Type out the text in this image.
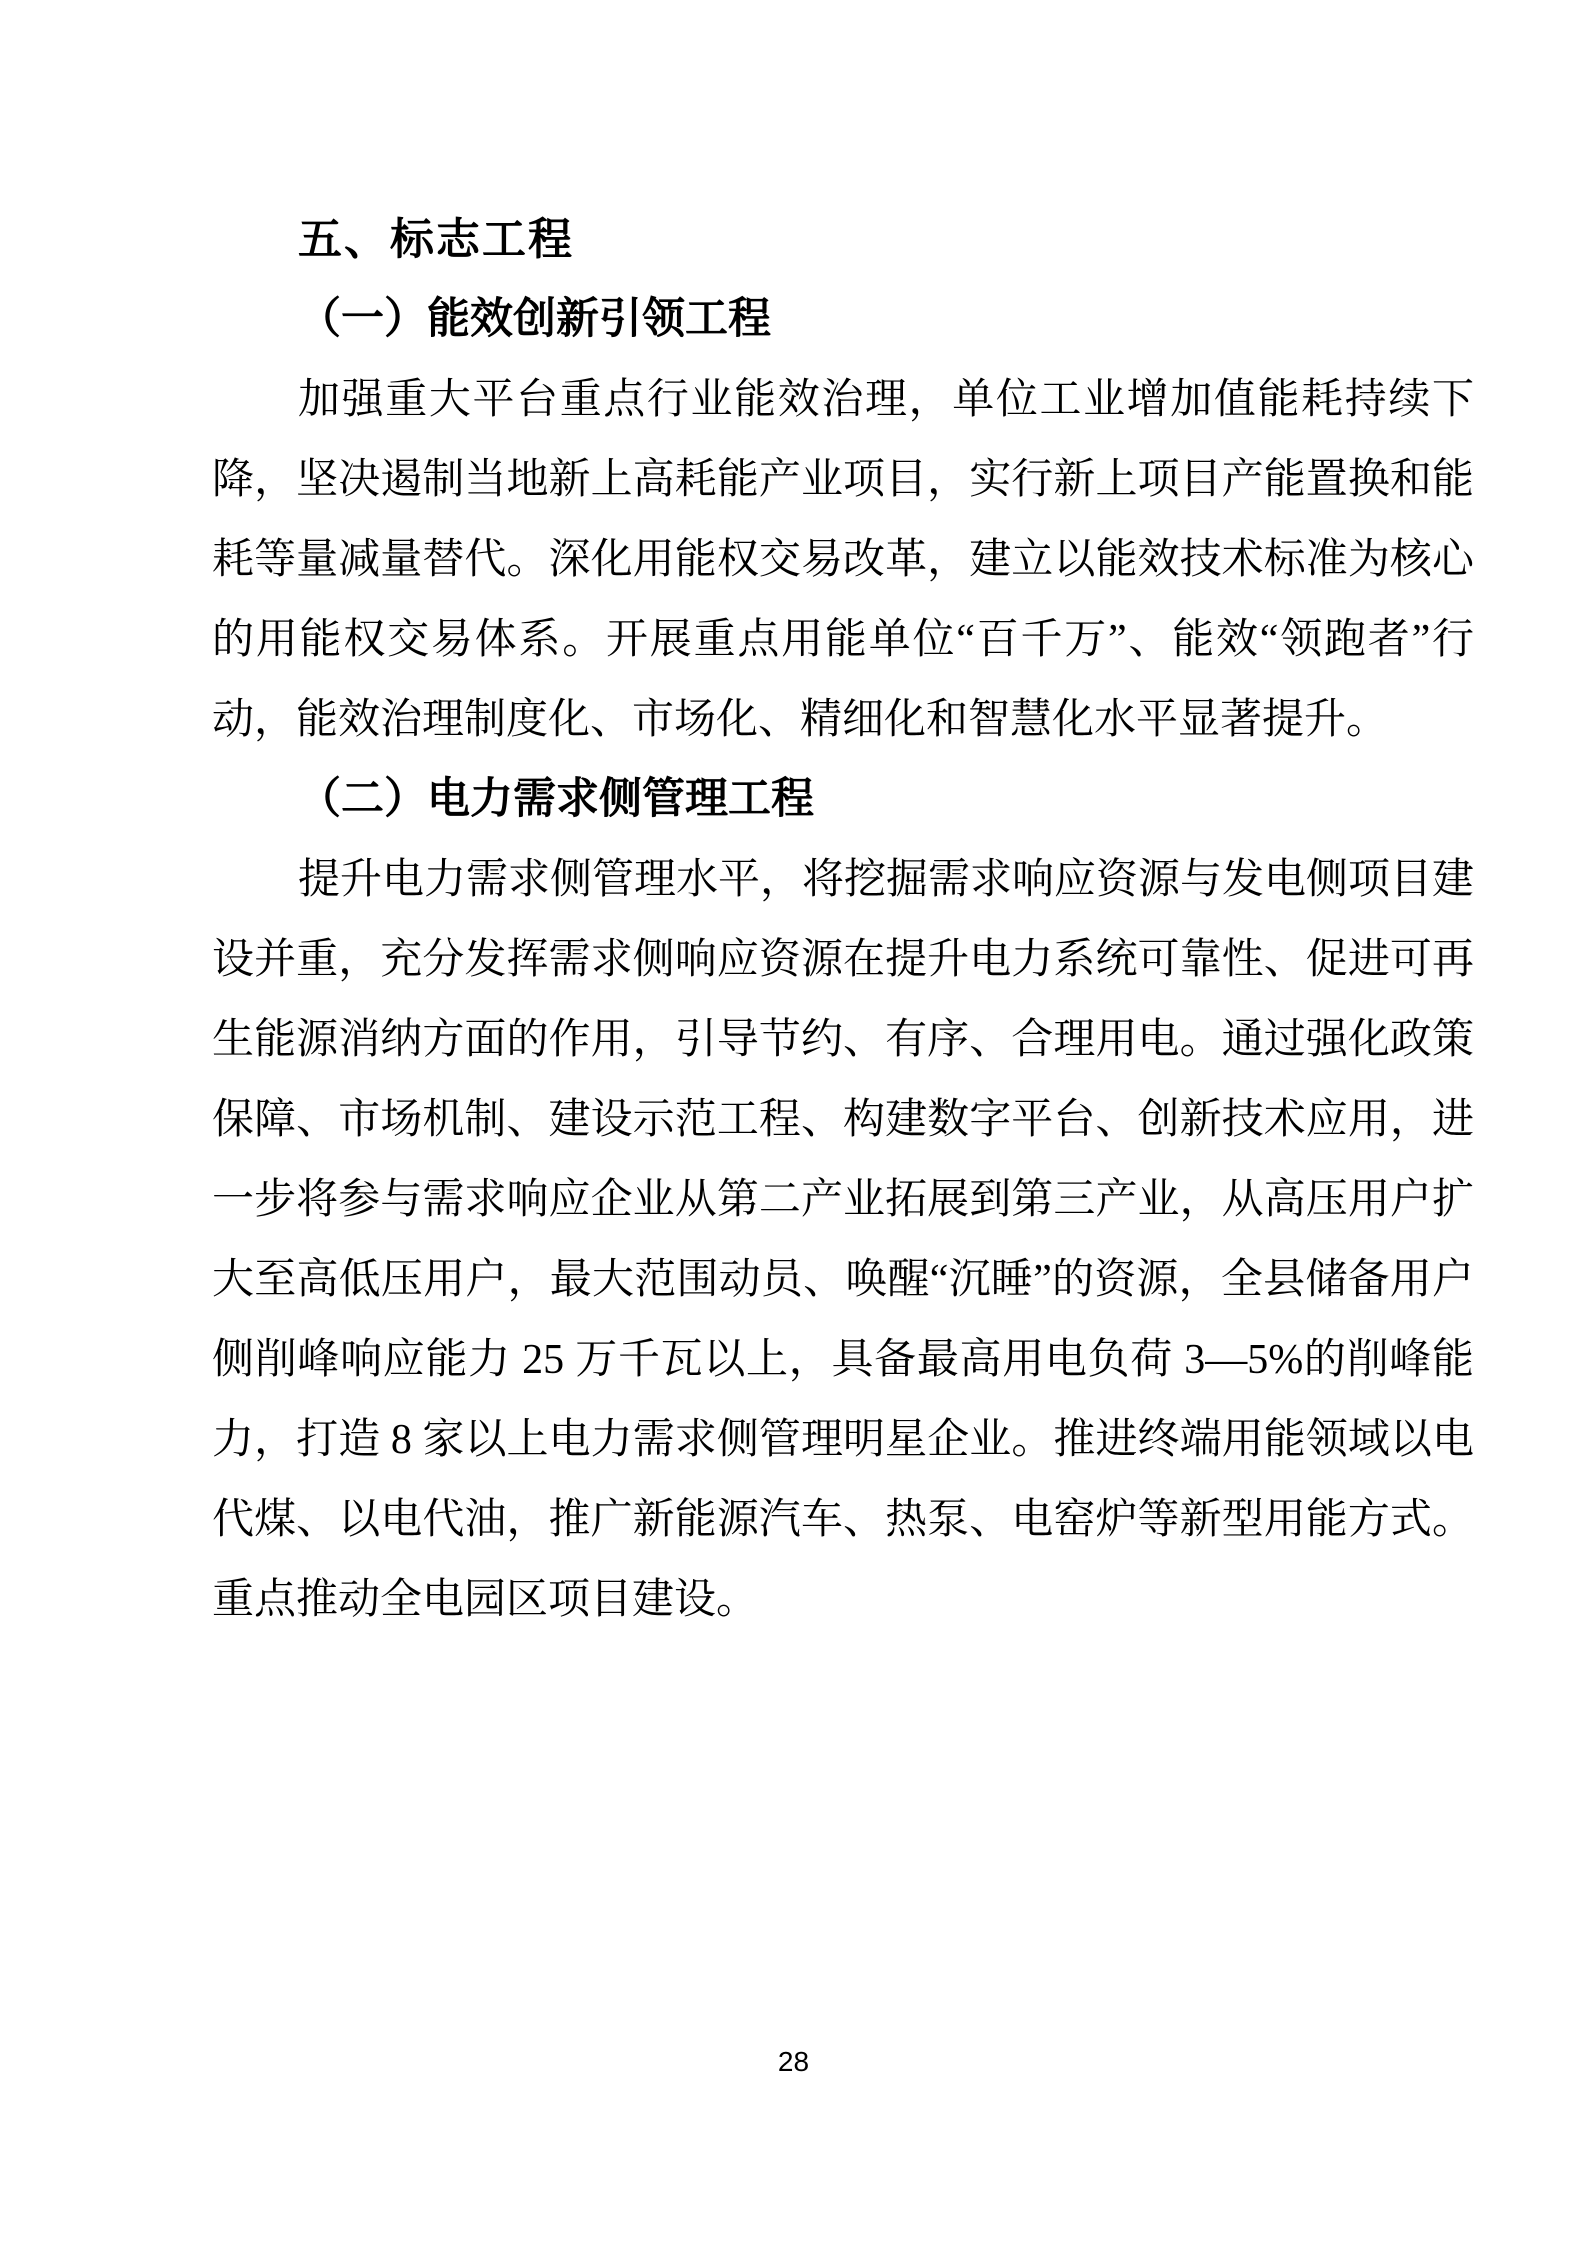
五、标志工程
（一）能效创新引领工程
加强重大平台重点行业能效治理，单位工业增加值能耗持续下降，坚决遏制当地新上高耗能产业项目，实行新上项目产能置换和能耗等量减量替代。深化用能权交易改革，建立以能效技术标准为核心的用能权交易体系。开展重点用能单位“百千万”、能效“领跑者”行动，能效治理制度化、市场化、精细化和智慧化水平显著提升。
（二）电力需求侧管理工程
提升电力需求侧管理水平，将挖掘需求响应资源与发电侧项目建设并重，充分发挥需求侧响应资源在提升电力系统可靠性、促进可再生能源消纳方面的作用，引导节约、有序、合理用电。通过强化政策保障、市场机制、建设示范工程、构建数字平台、创新技术应用，进一步将参与需求响应企业从第二产业拓展到第三产业，从高压用户扩大至高低压用户，最大范围动员、唤醒“沉睡”的资源，全县储备用户侧削峰响应能力 25 万千瓦以上，具备最高用电负荷 3—5%的削峰能力，打造 8 家以上电力需求侧管理明星企业。推进终端用能领域以电代煤、以电代油，推广新能源汽车、热泵、电窑炉等新型用能方式。重点推动全电园区项目建设。
28
